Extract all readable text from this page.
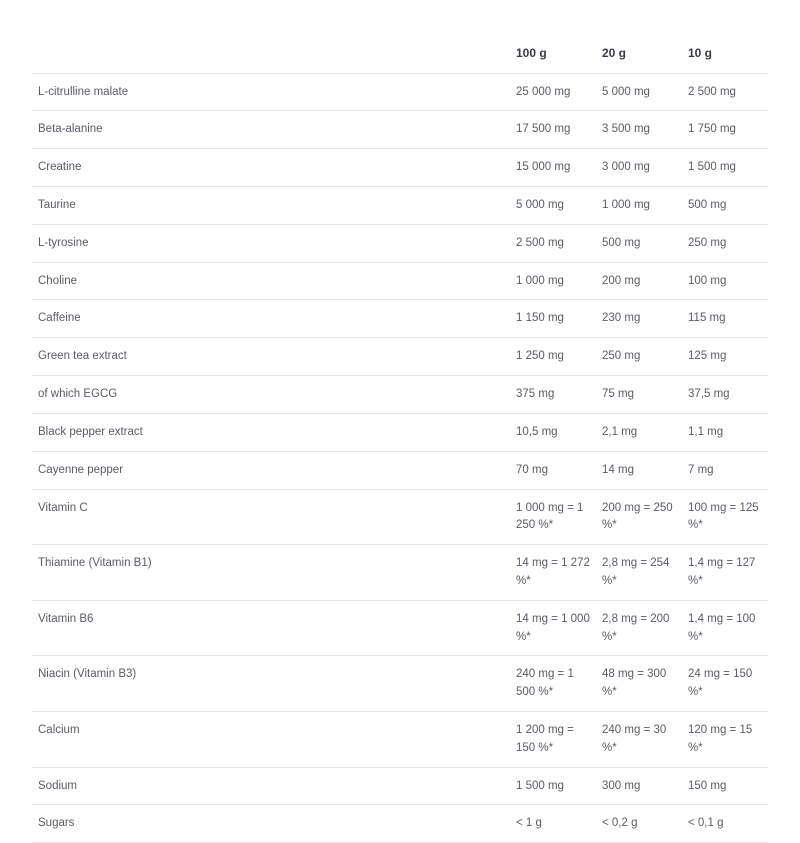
	100 g	20 g	10 g
L-citrulline malate	25 000 mg	5 000 mg	2 500 mg
Beta-alanine	17 500 mg	3 500 mg	1 750 mg
Creatine	15 000 mg	3 000 mg	1 500 mg
Taurine	5 000 mg	1 000 mg	500 mg
L-tyrosine	2 500 mg	500 mg	250 mg
Choline	1 000 mg	200 mg	100 mg
Caffeine	1 150 mg	230 mg	115 mg
Green tea extract	1 250 mg	250 mg	125 mg
of which EGCG	375 mg	75 mg	37,5 mg
Black pepper extract	10,5 mg	2,1 mg	1,1 mg
Cayenne pepper	70 mg	14 mg	7 mg
Vitamin C	1 000 mg = 1 250 %*	200 mg = 250 %*	100 mg = 125 %*
Thiamine (Vitamin B1)	14 mg = 1 272 %*	2,8 mg = 254 %*	1,4 mg = 127 %*
Vitamin B6	14 mg = 1 000 %*	2,8 mg = 200 %*	1,4 mg = 100 %*
Niacin (Vitamin B3)	240 mg = 1 500 %*	48 mg = 300 %*	24 mg = 150 %*
Calcium	1 200 mg = 150 %*	240 mg = 30 %*	120 mg = 15 %*
Sodium	1 500 mg	300 mg	150 mg
Sugars	< 1 g	< 0,2 g	< 0,1 g
